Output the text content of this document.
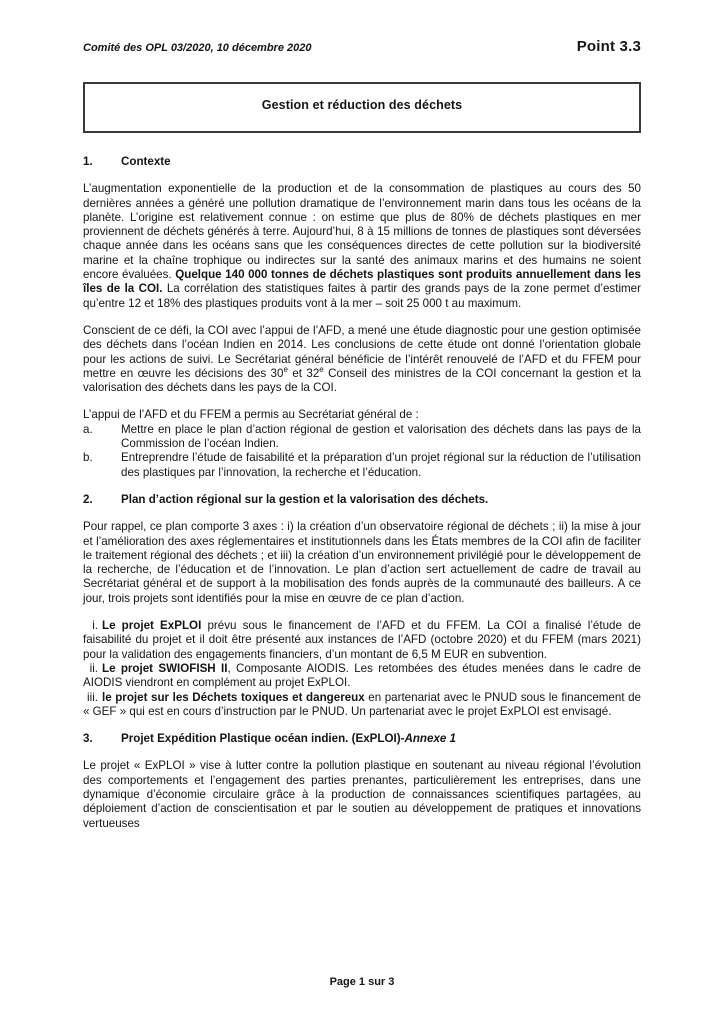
Comité des OPL 03/2020, 10 décembre 2020	Point 3.3
Gestion et réduction des déchets
1. Contexte

L’augmentation exponentielle de la production et de la consommation de plastiques au cours des 50 dernières années a généré une pollution dramatique de l’environnement marin dans tous les océans de la planète. L’origine est relativement connue : on estime que plus de 80% de déchets plastiques en mer proviennent de déchets générés à terre. Aujourd’hui, 8 à 15 millions de tonnes de plastiques sont déversées chaque année dans les océans sans que les conséquences directes de cette pollution sur la biodiversité marine et la chaîne trophique ou indirectes sur la santé des animaux marins et des humains ne soient encore évaluées. Quelque 140 000 tonnes de déchets plastiques sont produits annuellement dans les îles de la COI. La corrélation des statistiques faites à partir des grands pays de la zone permet d’estimer qu’entre 12 et 18% des plastiques produits vont à la mer – soit 25 000 t au maximum.

Conscient de ce défi, la COI avec l’appui de l’AFD, a mené une étude diagnostic pour une gestion optimisée des déchets dans l’océan Indien en 2014. Les conclusions de cette étude ont donné l’orientation globale pour les actions de suivi. Le Secrétariat général bénéficie de l’intérêt renouvelé de l’AFD et du FFEM pour mettre en œuvre les décisions des 30e et 32e Conseil des ministres de la COI concernant la gestion et la valorisation des déchets dans les pays de la COI.

L’appui de l’AFD et du FFEM a permis au Secrétariat général de :

a. Mettre en place le plan d’action régional de gestion et valorisation des déchets dans las pays de la Commission de l’océan Indien.
b. Entreprendre l’étude de faisabilité et la préparation d’un projet régional sur la réduction de l’utilisation des plastiques par l’innovation, la recherche et l’éducation.
2. Plan d’action régional sur la gestion et la valorisation des déchets.

Pour rappel, ce plan comporte 3 axes : i) la création d’un observatoire régional de déchets ; ii) la mise à jour et l’amélioration des axes réglementaires et institutionnels dans les États membres de la COI afin de faciliter le traitement régional des déchets ; et iii) la création d’un environnement privilégié pour le développement de la recherche, de l’éducation et de l’innovation. Le plan d’action sert actuellement de cadre de travail au Secrétariat général et de support à la mobilisation des fonds auprès de la communauté des bailleurs. A ce jour, trois projets sont identifiés pour la mise en œuvre de ce plan d’action.

i. Le projet ExPLOI prévu sous le financement de l’AFD et du FFEM. La COI a finalisé l’étude de faisabilité du projet et il doit être présenté aux instances de l’AFD (octobre 2020) et du FFEM (mars 2021) pour la validation des engagements financiers, d’un montant de 6,5 M EUR en subvention.

ii. Le projet SWIOFISH II, Composante AIODIS. Les retombées des études menées dans le cadre de AIODIS viendront en complément au projet ExPLOI.

iii. le projet sur les Déchets toxiques et dangereux en partenariat avec le PNUD sous le financement de « GEF » qui est en cours d’instruction par le PNUD. Un partenariat avec le projet ExPLOI est envisagé.

3. Projet Expédition Plastique océan indien. (ExPLOI)-Annexe 1

Le projet « ExPLOI » vise à lutter contre la pollution plastique en soutenant au niveau régional l’évolution des comportements et l’engagement des parties prenantes, particulièrement les entreprises, dans une dynamique d’économie circulaire grâce à la production de connaissances scientifiques partagées, au déploiement d’action de conscientisation et par le soutien au développement de pratiques et innovations vertueuses

Page 1 sur 3
